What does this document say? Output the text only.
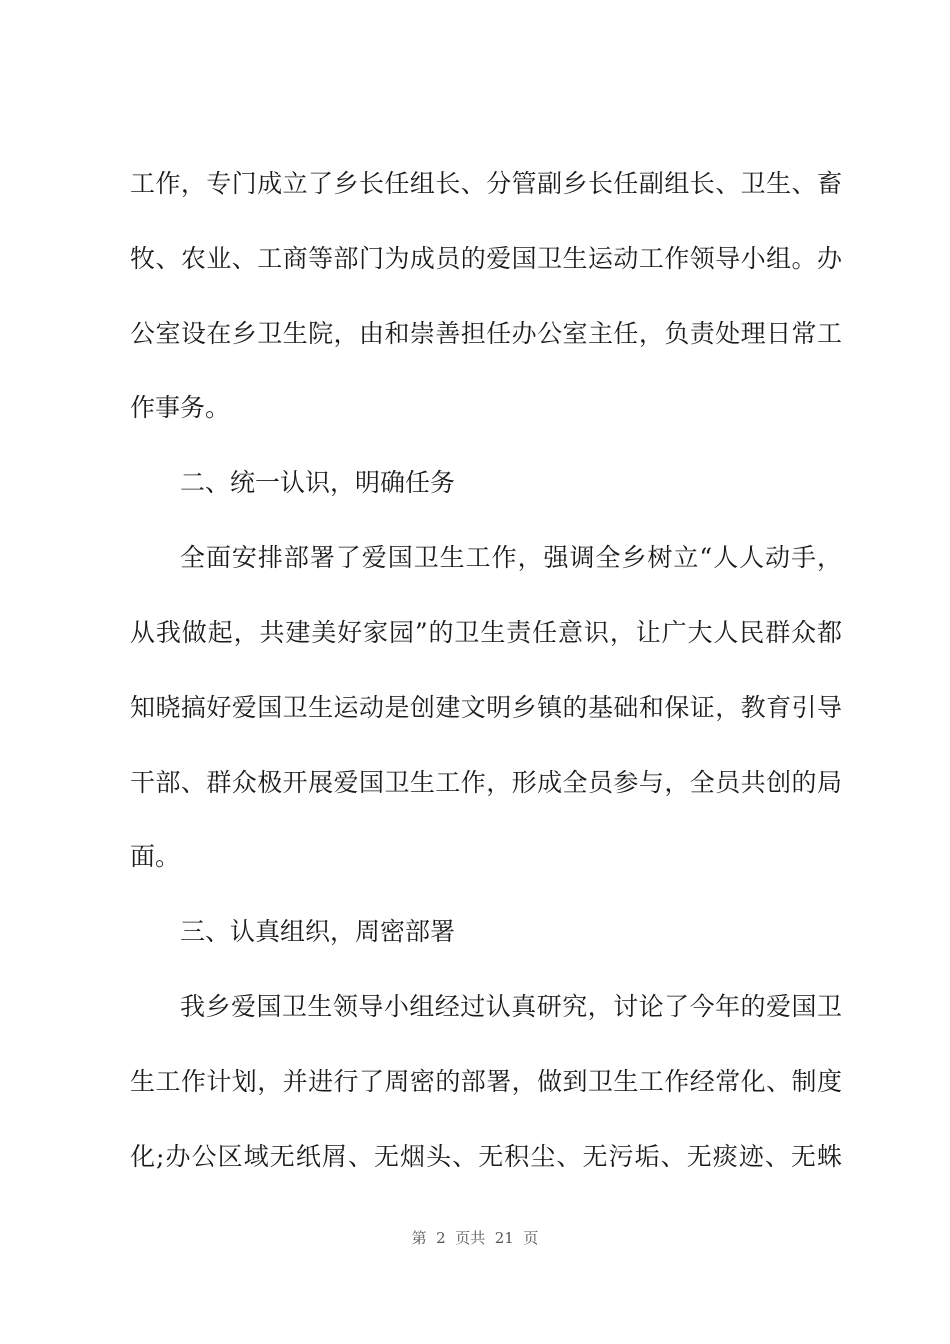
工作，专门成立了乡长任组长、分管副乡长任副组长、卫生、畜

牧、农业、工商等部门为成员的爱国卫生运动工作领导小组。办

公室设在乡卫生院，由和崇善担任办公室主任，负责处理日常工

作事务。

二、统一认识，明确任务

全面安排部署了爱国卫生工作，强调全乡树立“人人动手，

从我做起，共建美好家园”的卫生责任意识，让广大人民群众都

知晓搞好爱国卫生运动是创建文明乡镇的基础和保证，教育引导

干部、群众极开展爱国卫生工作，形成全员参与，全员共创的局

面。

三、认真组织，周密部署

我乡爱国卫生领导小组经过认真研究，讨论了今年的爱国卫

生工作计划，并进行了周密的部署，做到卫生工作经常化、制度

化;办公区域无纸屑、无烟头、无积尘、无污垢、无痰迹、无蛛

第  2  页共  21  页
